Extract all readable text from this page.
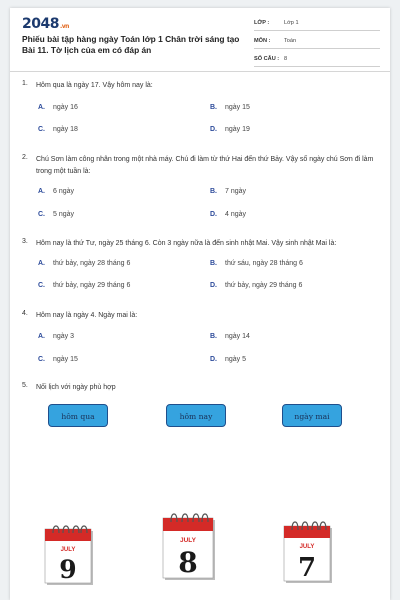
2048.vn
Phiếu bài tập hàng ngày Toán lớp 1 Chân trời sáng tạo Bài 11. Tờ lịch của em có đáp án
LỚP :	Lớp 1
MÔN : Toán
SỐ CÂU : 8
1. Hôm qua là ngày 17. Vậy hôm nay là:
A. ngày 16	B. ngày 15
C. ngày 18	D. ngày 19
2. Chú Sơn làm công nhân trong một nhà máy. Chú đi làm từ thứ Hai đến thứ Bảy. Vậy số ngày chú Sơn đi làm trong một tuần là:
A. 6 ngày	B. 7 ngày
C. 5 ngày	D. 4 ngày
3. Hôm nay là thứ Tư, ngày 25 tháng 6. Còn 3 ngày nữa là đến sinh nhật Mai. Vậy sinh nhật Mai là:
A. thứ bảy, ngày 28 tháng 6	B. thứ sáu, ngày 28 tháng 6
C. thứ bảy, ngày 29 tháng 6	D. thứ bảy, ngày 29 tháng 6
4. Hôm nay là ngày 4. Ngày mai là:
A. ngày 3	B. ngày 14
C. ngày 15	D. ngày 5
5. Nối lịch với ngày phù hợp
hôm qua	hôm nay	ngày mai
JULY
9
JULY
8	JULY
7
